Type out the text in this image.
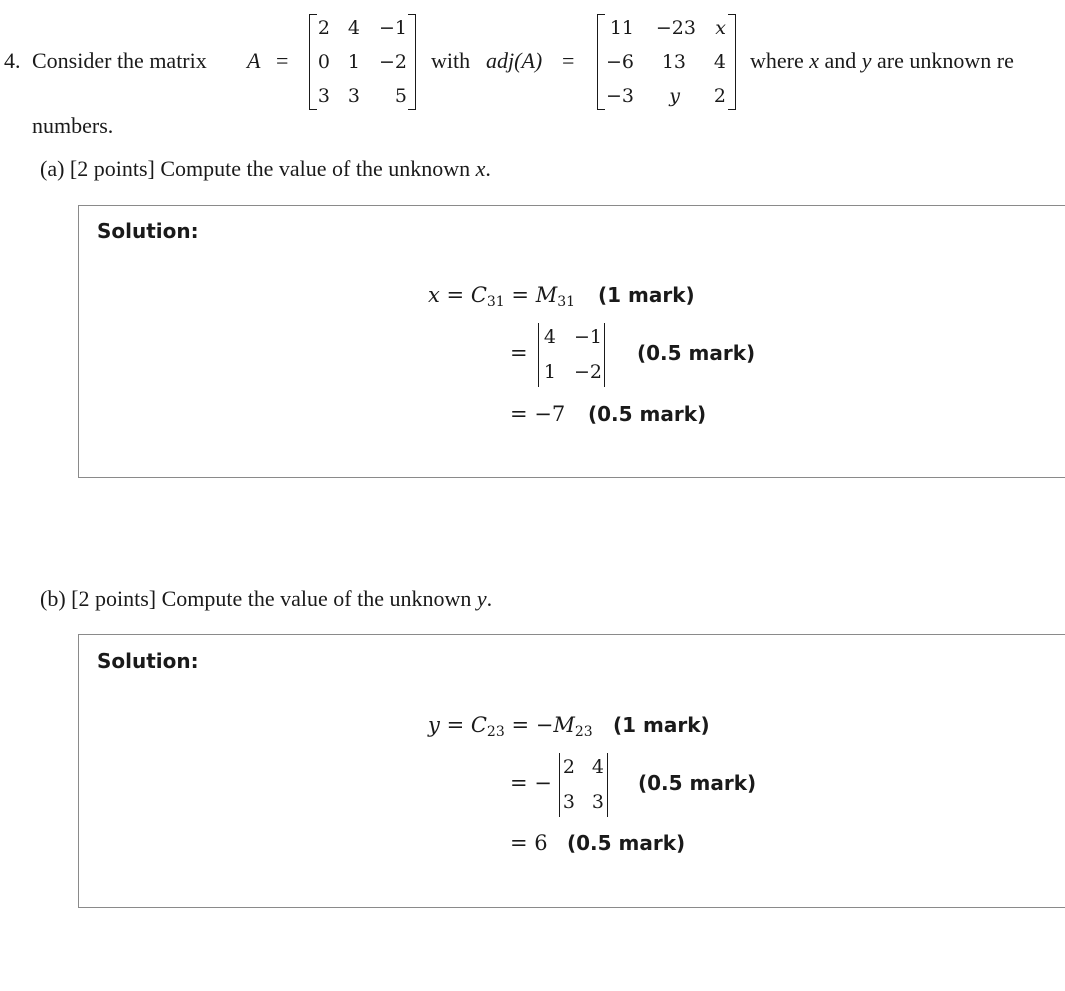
4. Consider the matrix A =
2 4 −1
0 1 −2
3 3	5
with adj(A) =
11	−23	x
−6	13	4
−3	y	2
where x and y are unknown re
numbers.
(a) [2 points] Compute the value of the unknown x.
Solution:
$x = C_{31} = M_{31}$ (1 mark)
=
4 −1
1 −2
(0.5 mark)
= −7 (0.5 mark)
(b) [2 points] Compute the value of the unknown y.
Solution:
$y = C_{23} = -M_{23}$ (1 mark)
= −
2 4
3 3
(0.5 mark)
= 6 (0.5 mark)
